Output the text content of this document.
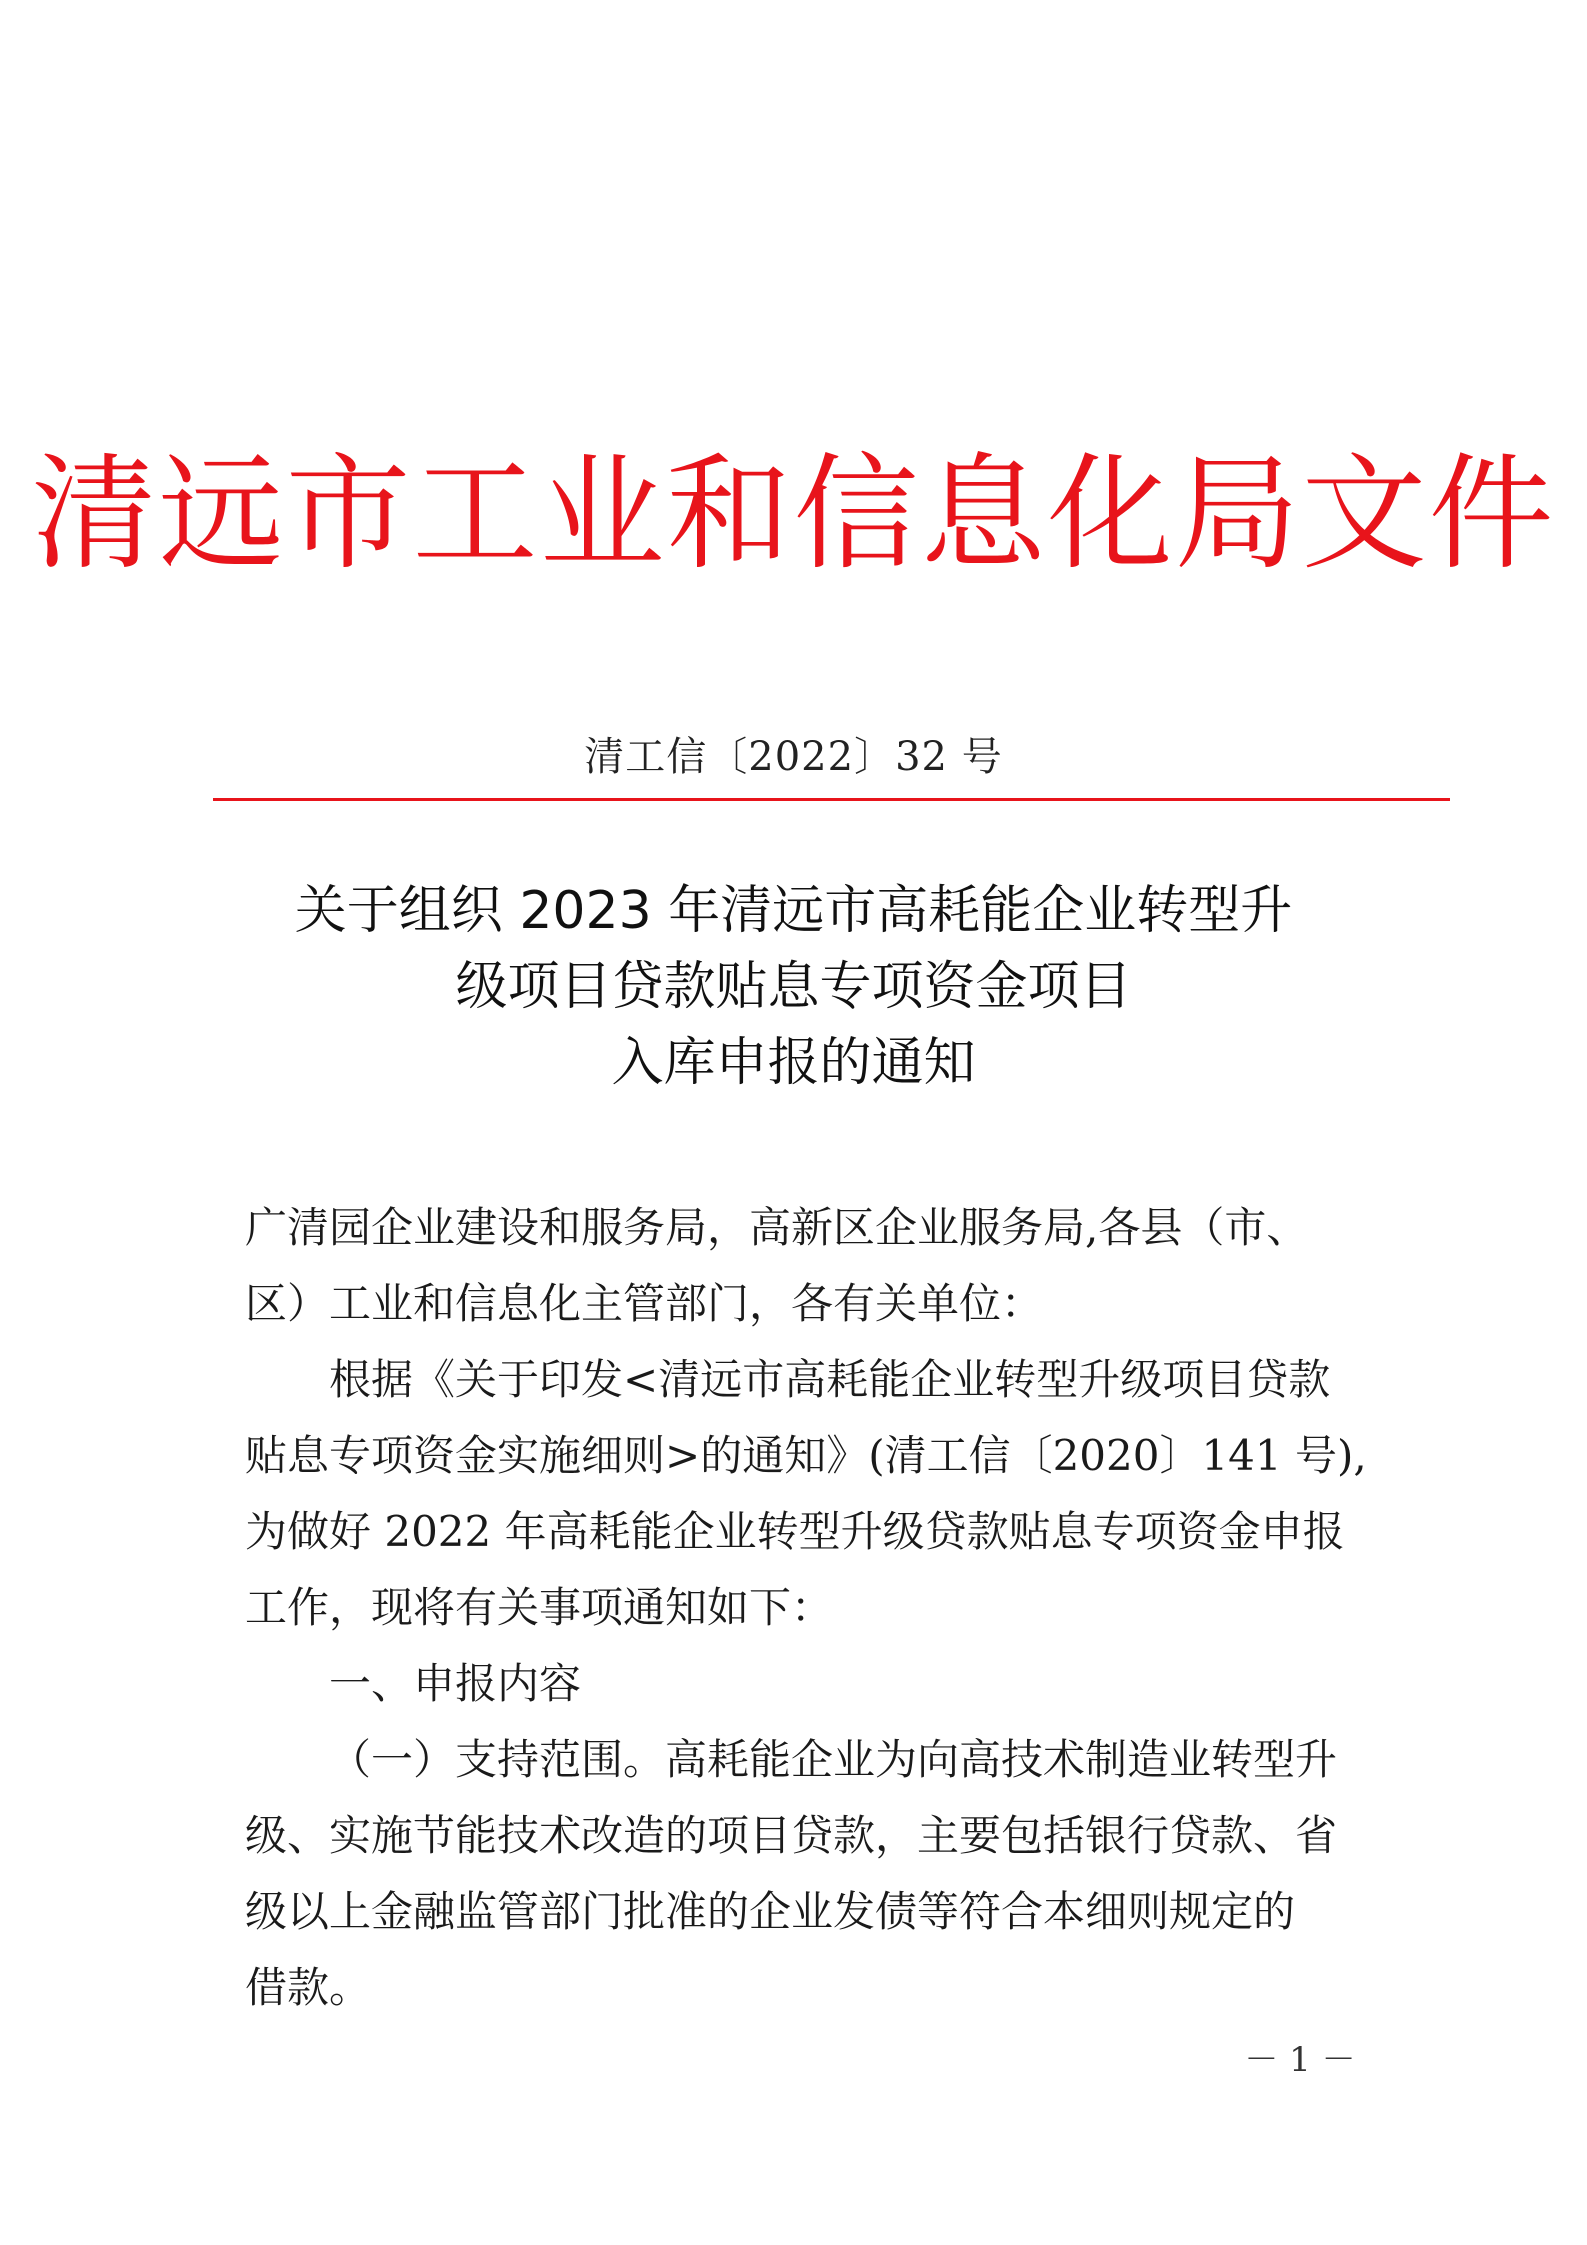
清远市工业和信息化局文件
清工信〔2022〕32 号
关于组织 2023 年清远市高耗能企业转型升
级项目贷款贴息专项资金项目
入库申报的通知
广清园企业建设和服务局，高新区企业服务局,各县（市、
区）工业和信息化主管部门，各有关单位：
根据《关于印发<清远市高耗能企业转型升级项目贷款
贴息专项资金实施细则>的通知》(清工信〔2020〕141 号),
为做好 2022 年高耗能企业转型升级贷款贴息专项资金申报
工作，现将有关事项通知如下：
一、申报内容
（一）支持范围。高耗能企业为向高技术制造业转型升
级、实施节能技术改造的项目贷款，主要包括银行贷款、省
级以上金融监管部门批准的企业发债等符合本细则规定的
借款。
－ 1 －
